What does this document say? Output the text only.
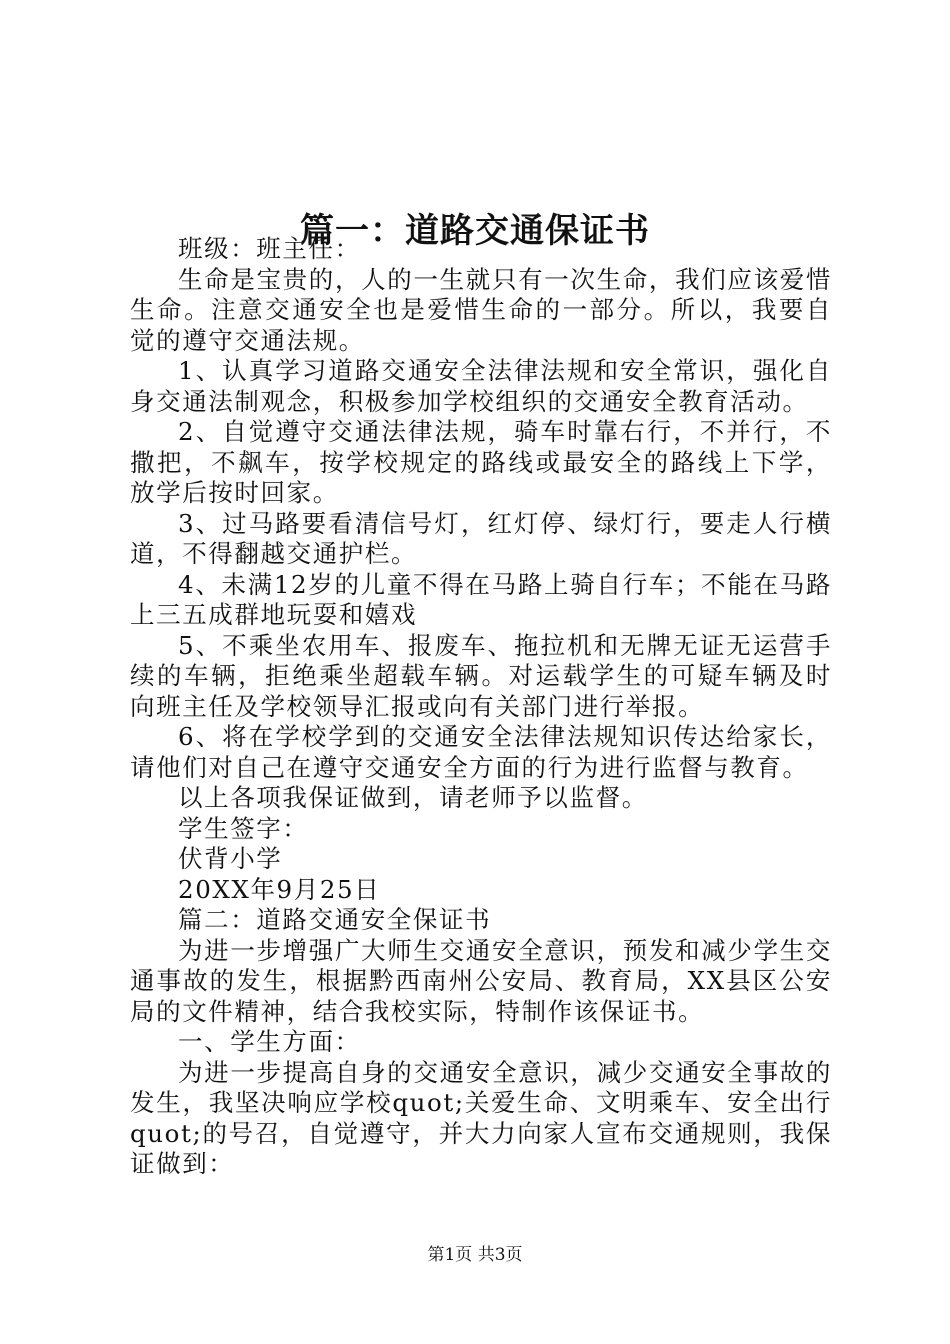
篇一：道路交通保证书

班级：班主任：

生命是宝贵的，人的一生就只有一次生命，我们应该爱惜生命。注意交通安全也是爱惜生命的一部分。所以，我要自觉的遵守交通法规。

1、认真学习道路交通安全法律法规和安全常识，强化自身交通法制观念，积极参加学校组织的交通安全教育活动。

2、自觉遵守交通法律法规，骑车时靠右行，不并行，不撒把，不飙车，按学校规定的路线或最安全的路线上下学，放学后按时回家。

3、过马路要看清信号灯，红灯停、绿灯行，要走人行横道，不得翻越交通护栏。

4、未满12岁的儿童不得在马路上骑自行车；不能在马路上三五成群地玩耍和嬉戏

5、不乘坐农用车、报废车、拖拉机和无牌无证无运营手续的车辆，拒绝乘坐超载车辆。对运载学生的可疑车辆及时向班主任及学校领导汇报或向有关部门进行举报。

6、将在学校学到的交通安全法律法规知识传达给家长，请他们对自己在遵守交通安全方面的行为进行监督与教育。

以上各项我保证做到，请老师予以监督。

学生签字：

伏背小学

20XX年9月25日

篇二：道路交通安全保证书

为进一步增强广大师生交通安全意识，预发和减少学生交通事故的发生，根据黔西南州公安局、教育局，XX县区公安局的文件精神，结合我校实际，特制作该保证书。

一、学生方面：

为进一步提高自身的交通安全意识，减少交通安全事故的发生，我坚决响应学校quot;关爱生命、文明乘车、安全出行quot;的号召，自觉遵守，并大力向家人宣布交通规则，我保证做到：

第1页 共3页
